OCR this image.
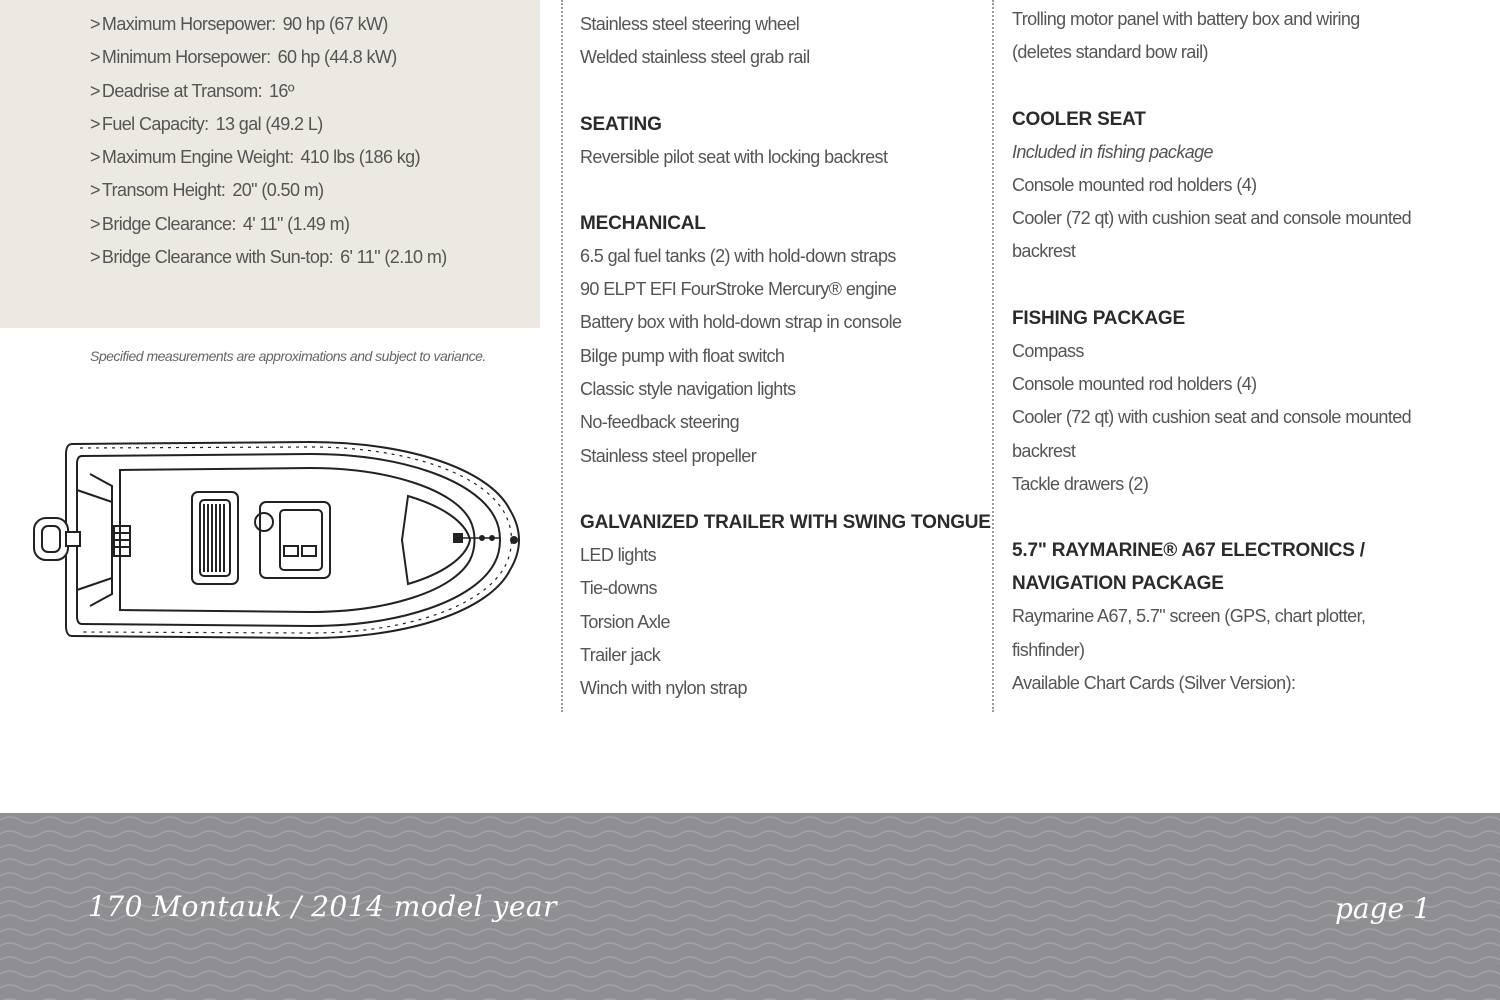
> Maximum Horsepower : 90 hp (67 kW)
> Minimum Horsepower : 60 hp (44.8 kW)
> Deadrise at Transom : 16º
> Fuel Capacity : 13 gal (49.2 L)
> Maximum Engine Weight : 410 lbs (186 kg)
> Transom Height : 20" (0.50 m)
> Bridge Clearance : 4' 11" (1.49 m)
> Bridge Clearance with Sun-top : 6' 11" (2.10 m)
Specified measurements are approximations and subject to variance.
Stainless steel steering wheel
Welded stainless steel grab rail
SEATING
Reversible pilot seat with locking backrest
MECHANICAL
6.5 gal fuel tanks (2) with hold-down straps
90 ELPT EFI FourStroke Mercury® engine
Battery box with hold-down strap in console
Bilge pump with float switch
Classic style navigation lights
No-feedback steering
Stainless steel propeller
GALVANIZED TRAILER WITH SWING TONGUE
LED lights
Tie-downs
Torsion Axle
Trailer jack
Winch with nylon strap
Trolling motor panel with battery box and wiring
(deletes standard bow rail)
COOLER SEAT
Included in fishing package
Console mounted rod holders (4)
Cooler (72 qt) with cushion seat and console mounted
backrest
FISHING PACKAGE
Compass
Console mounted rod holders (4)
Cooler (72 qt) with cushion seat and console mounted
backrest
Tackle drawers (2)
5.7" RAYMARINE® A67 ELECTRONICS /
NAVIGATION PACKAGE
Raymarine A67, 5.7" screen (GPS, chart plotter,
fishfinder)
Available Chart Cards (Silver Version):
170 Montauk / 2014 model year	page 1
